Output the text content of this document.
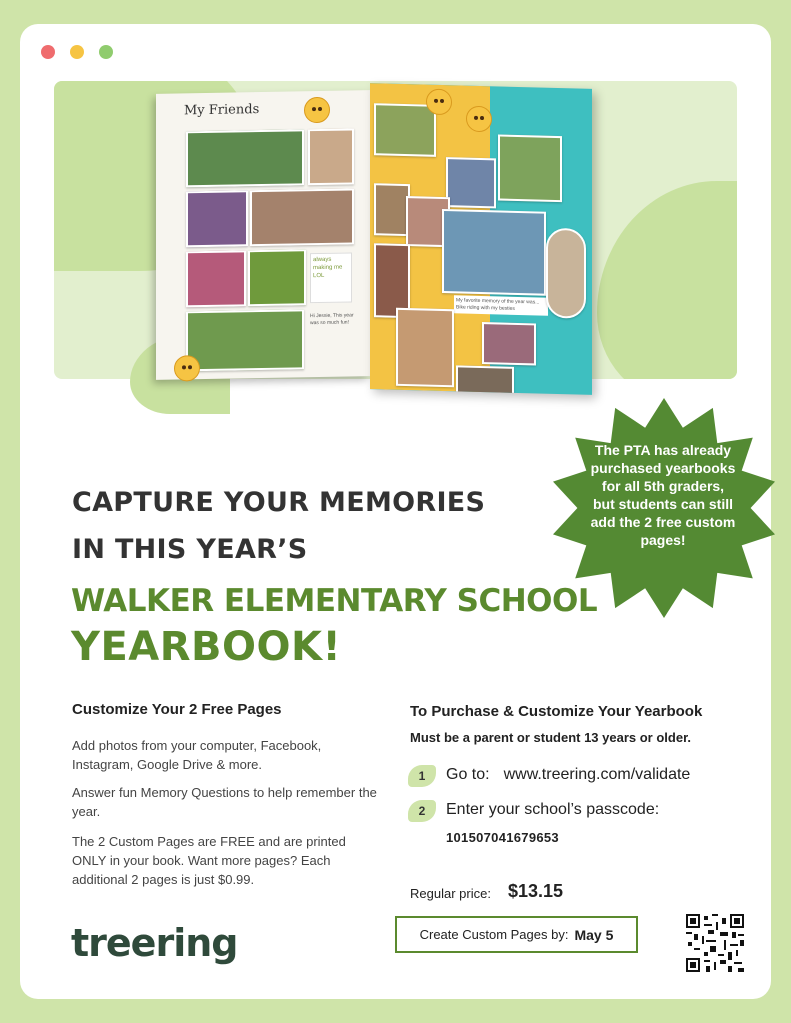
My Friends
always making me LOL
Hi Jessie, This year was so much fun!
My favorite memory of the year was... Bike riding with my besties
The PTA has already purchased yearbooks for all 5th graders, but students can still add the 2 free custom pages!
CAPTURE YOUR MEMORIES
IN THIS YEAR’S
WALKER ELEMENTARY SCHOOL
YEARBOOK!
Customize Your 2 Free Pages
Add photos from your computer, Facebook, Instagram, Google Drive & more.
Answer fun Memory Questions to help remember the year.
The 2 Custom Pages are FREE and are printed ONLY in your book. Want more pages? Each additional 2 pages is just $0.99.
To Purchase & Customize Your Yearbook
Must be a parent or student 13 years or older.
1	Go to: www.treering.com/validate
2	Enter your school’s passcode:
101507041679653
Regular price: $13.15
Create Custom Pages by: May 5
treering
